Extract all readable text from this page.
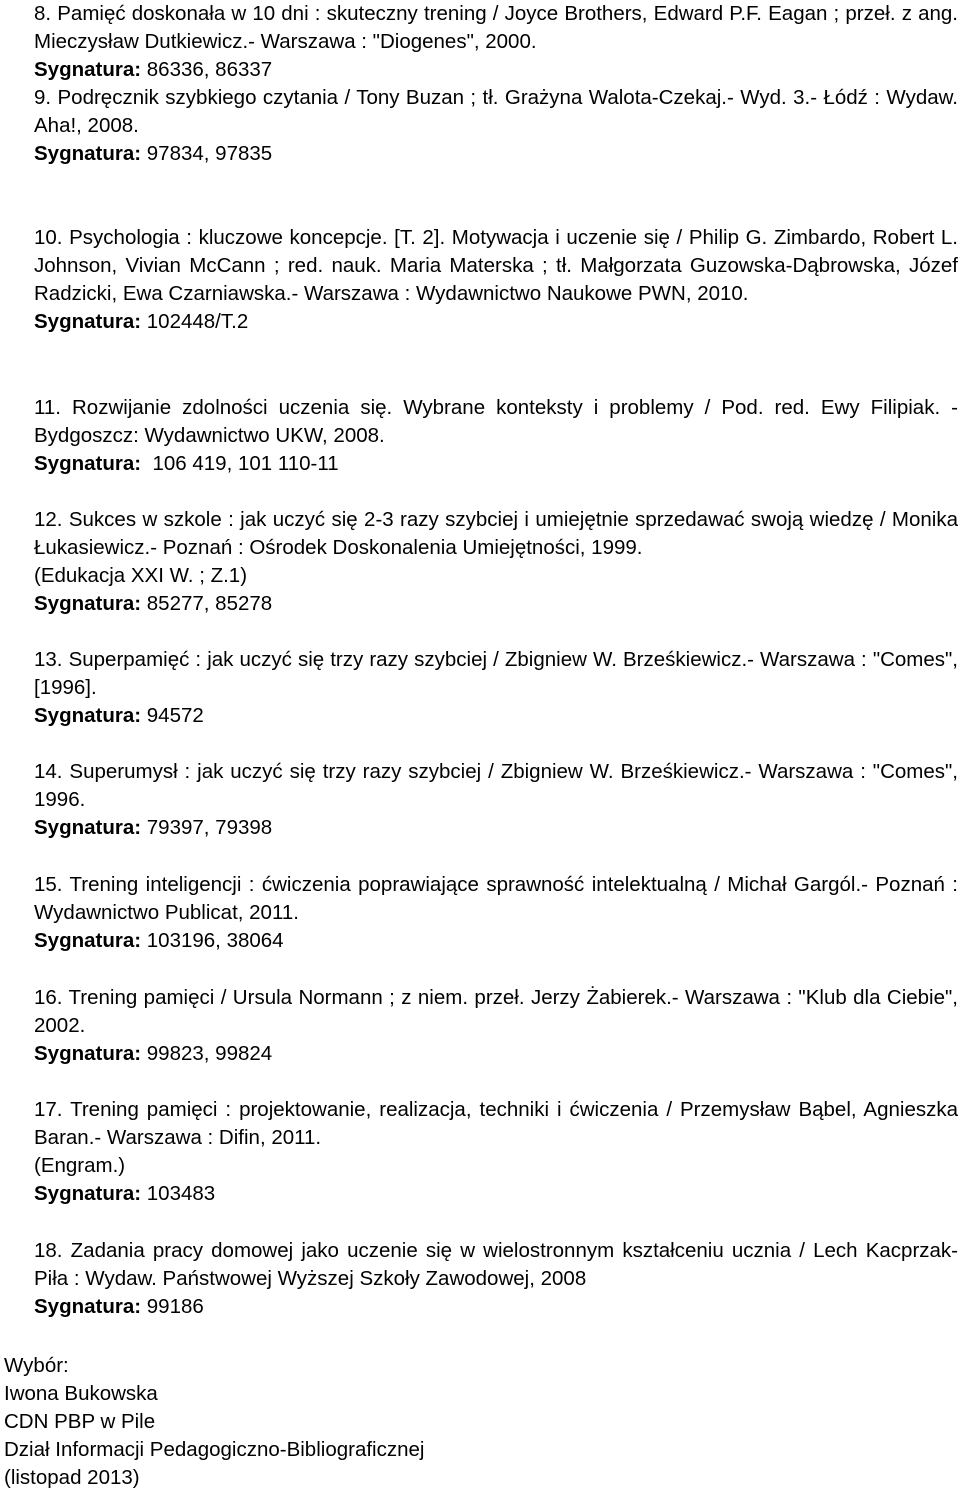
8. Pamięć doskonała w 10 dni : skuteczny trening / Joyce Brothers, Edward P.F. Eagan ; przeł. z ang. Mieczysław Dutkiewicz.- Warszawa : "Diogenes", 2000.
Sygnatura: 86336, 86337
9. Podręcznik szybkiego czytania / Tony Buzan ; tł. Grażyna Walota-Czekaj.- Wyd. 3.- Łódź : Wydaw. Aha!, 2008.
Sygnatura: 97834, 97835
10. Psychologia : kluczowe koncepcje. [T. 2]. Motywacja i uczenie się / Philip G. Zimbardo, Robert L. Johnson, Vivian McCann ; red. nauk. Maria Materska ; tł. Małgorzata Guzowska-Dąbrowska, Józef Radzicki, Ewa Czarniawska.- Warszawa : Wydawnictwo Naukowe PWN, 2010.
Sygnatura: 102448/T.2
11. Rozwijanie zdolności uczenia się. Wybrane konteksty i problemy / Pod. red. Ewy Filipiak. - Bydgoszcz: Wydawnictwo UKW, 2008.
Sygnatura:  106 419, 101 110-11
12. Sukces w szkole : jak uczyć się 2-3 razy szybciej i umiejętnie sprzedawać swoją wiedzę / Monika Łukasiewicz.- Poznań : Ośrodek Doskonalenia Umiejętności, 1999.
(Edukacja XXI W. ; Z.1)
Sygnatura: 85277, 85278
13. Superpamięć : jak uczyć się trzy razy szybciej / Zbigniew W. Brześkiewicz.- Warszawa : "Comes", [1996].
Sygnatura: 94572
14. Superumysł : jak uczyć się trzy razy szybciej / Zbigniew W. Brześkiewicz.- Warszawa : "Comes", 1996.
Sygnatura: 79397, 79398
15. Trening inteligencji : ćwiczenia poprawiające sprawność intelektualną / Michał Gargól.- Poznań : Wydawnictwo Publicat, 2011.
Sygnatura: 103196, 38064
16. Trening pamięci / Ursula Normann ; z niem. przeł. Jerzy Żabierek.- Warszawa : "Klub dla Ciebie", 2002.
Sygnatura: 99823, 99824
17. Trening pamięci : projektowanie, realizacja, techniki i ćwiczenia / Przemysław Bąbel, Agnieszka Baran.- Warszawa : Difin, 2011.
(Engram.)
Sygnatura: 103483
18. Zadania pracy domowej jako uczenie się w wielostronnym kształceniu ucznia / Lech Kacprzak- Piła : Wydaw. Państwowej Wyższej Szkoły Zawodowej, 2008
Sygnatura: 99186
Wybór:
Iwona Bukowska
CDN PBP w Pile
Dział Informacji Pedagogiczno-Bibliograficznej
(listopad 2013)
